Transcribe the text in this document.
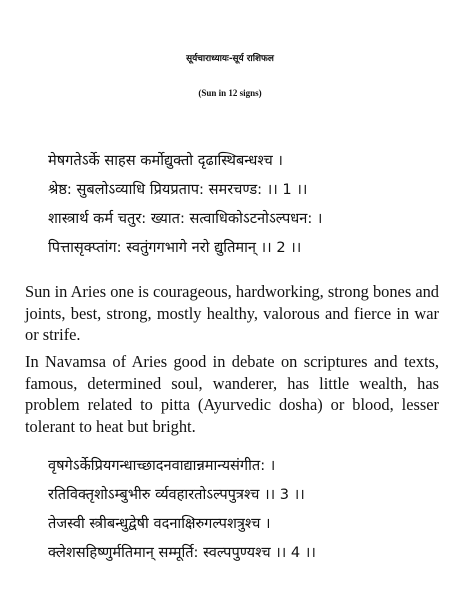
सूर्यचाराध्यायः-सूर्य राशिफल
(Sun in 12 signs)
मेषगतेऽर्के साहस कर्मोद्युक्तो दृढास्थिबन्धश्च ।
श्रेष्ठ: सुबलोऽव्याधि प्रियप्रताप: समरचण्ड: ।। 1 ।।
शास्त्रार्थ कर्म चतुर: ख्यात: सत्वाधिकोऽटनोऽल्पधन: ।
पित्तासृक्प्तांग: स्वतुंगगभागे नरो द्युतिमान् ।। 2 ।।

Sun in Aries one is courageous, hardworking, strong bones and joints, best, strong, mostly healthy, valorous and fierce in war or strife.

In Navamsa of Aries good in debate on scriptures and texts, famous, determined soul, wanderer, has little wealth, has problem related to pitta (Ayurvedic dosha) or blood, lesser tolerant to heat but bright.

वृषगेऽर्केप्रियगन्धाच्छादनवाद्यान्नमान्यसंगीत: ।
रतिविक्तृशोऽम्बुभीरु र्व्यवहारतोऽल्पपुत्रश्च ।। 3 ।।
तेजस्वी स्त्रीबन्धुद्वेषी वदनाक्षिरुगल्पशत्रुश्च ।
क्लेशसहिष्णुर्मतिमान् सम्मूर्ति: स्वल्पपुण्यश्च ।। 4 ।।
